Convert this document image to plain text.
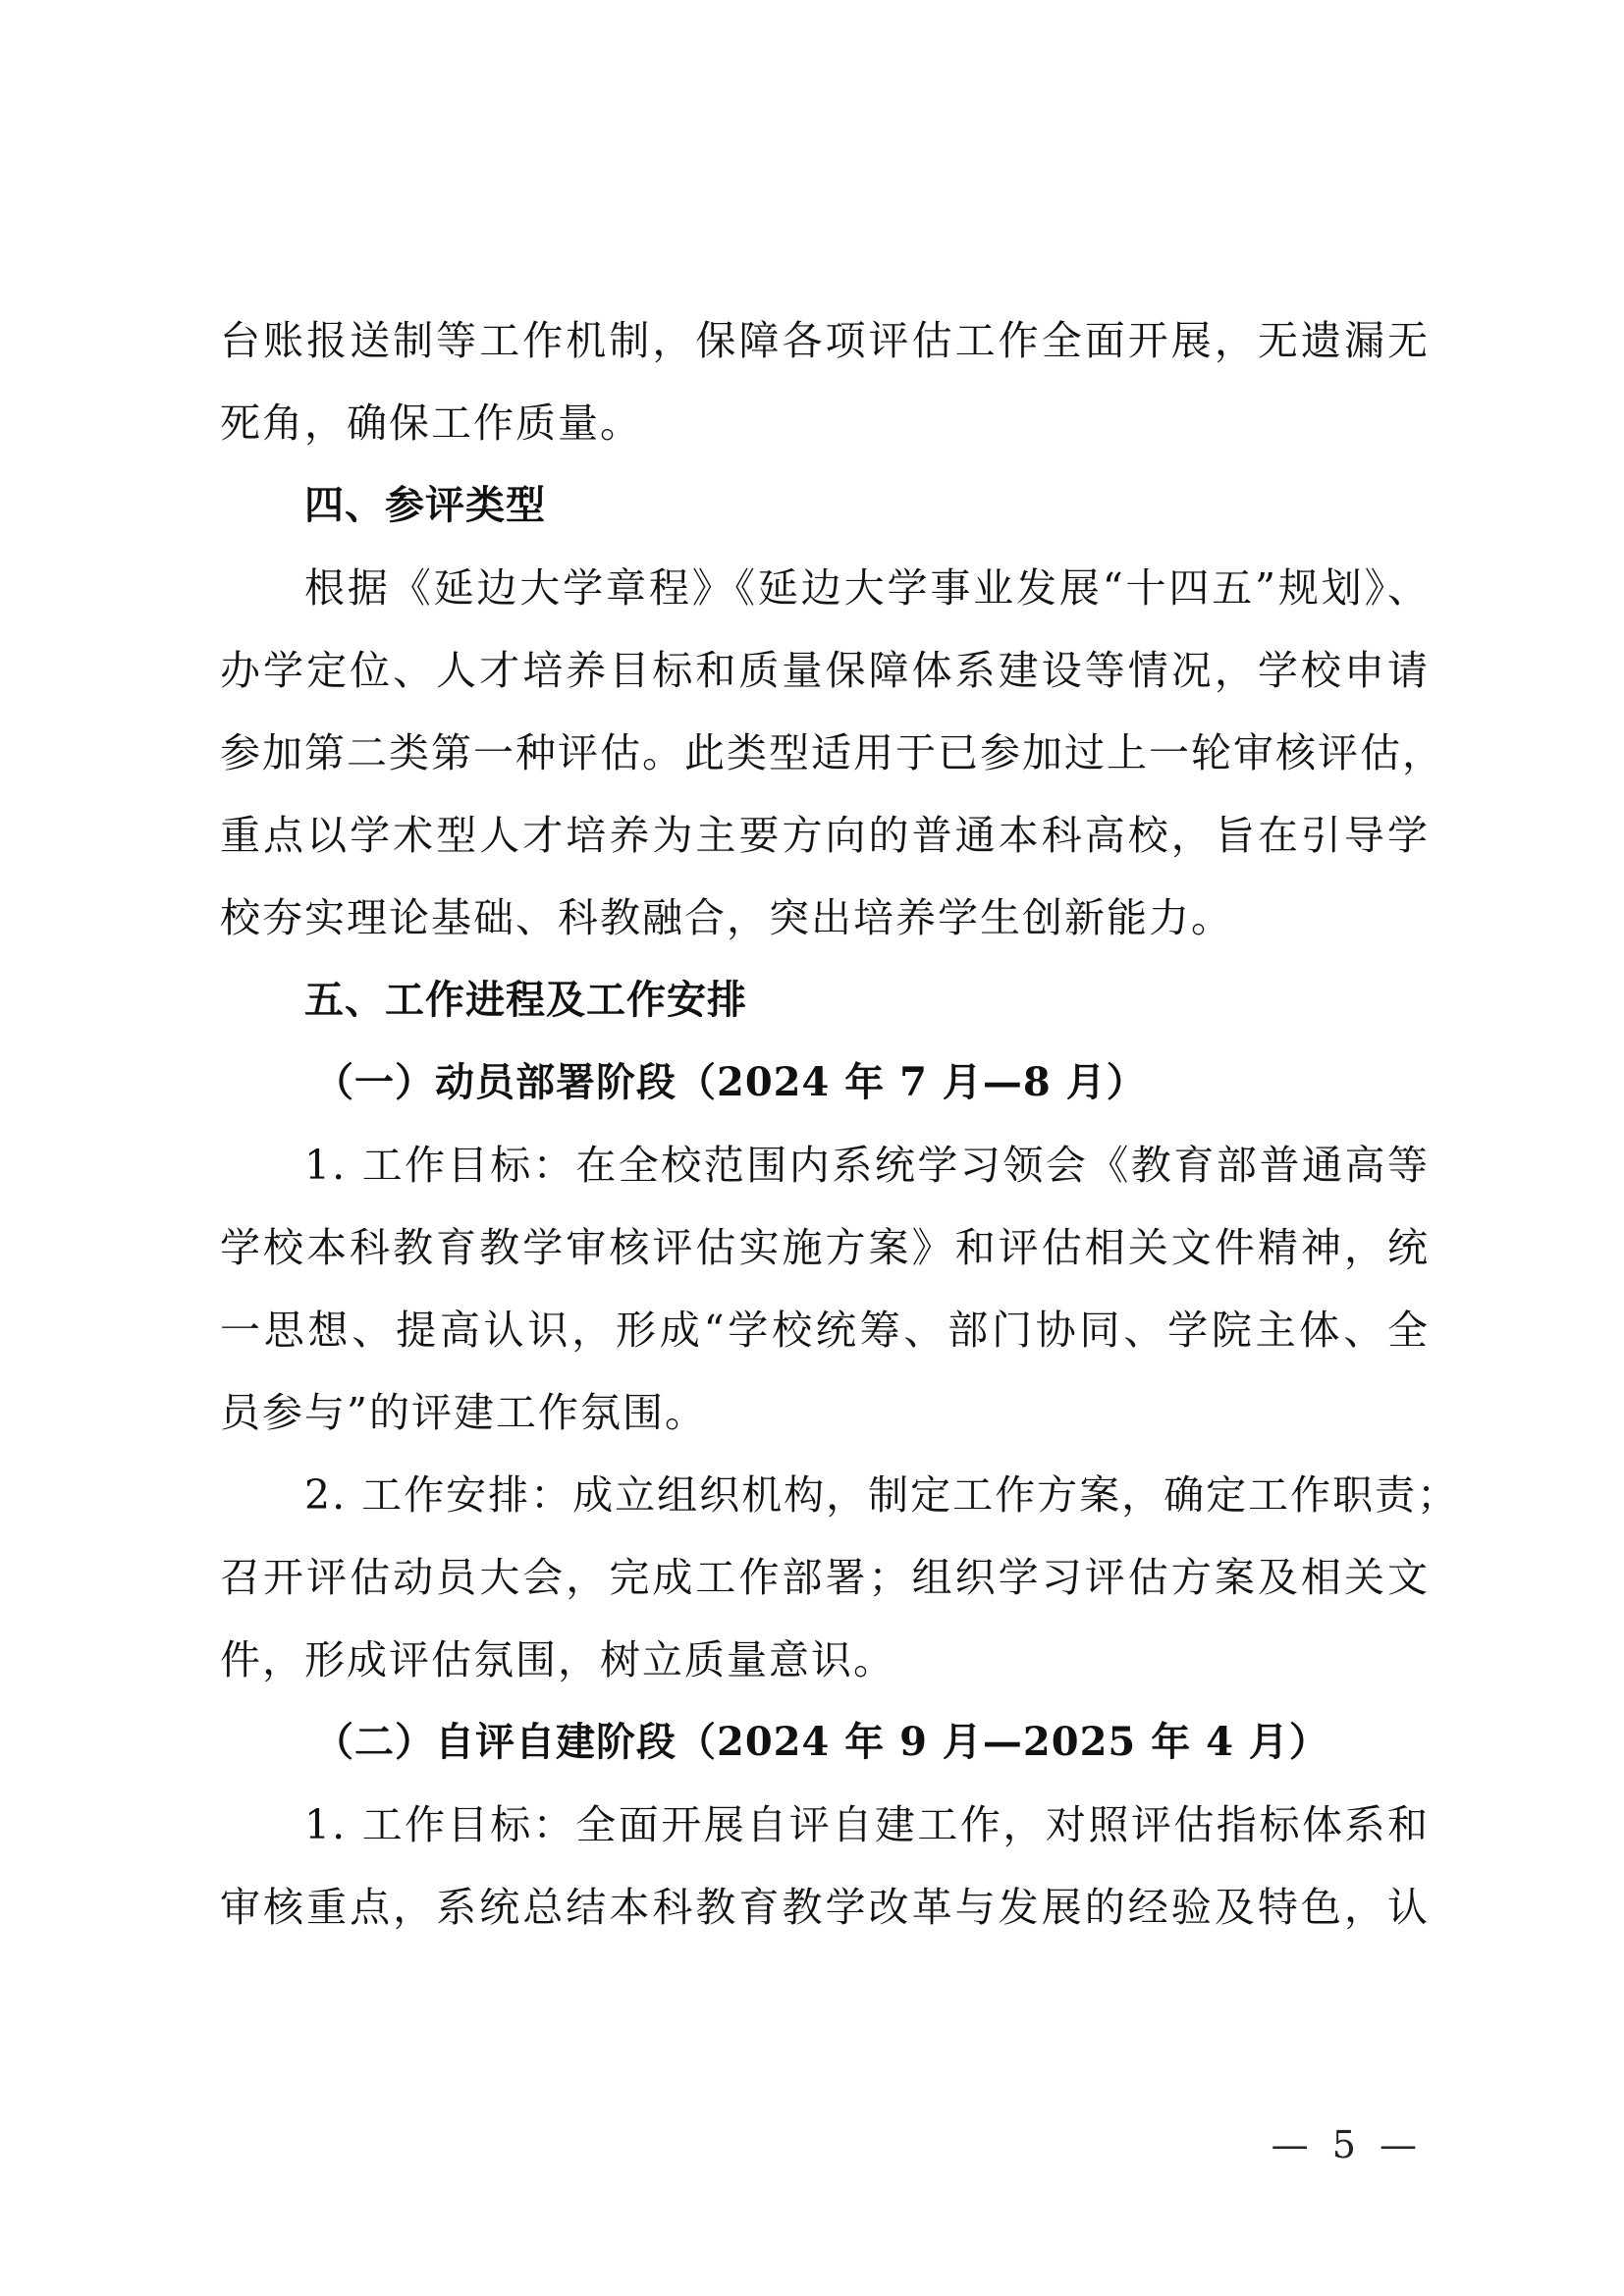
台账报送制等工作机制，保障各项评估工作全面开展，无遗漏无
死角，确保工作质量。
四、参评类型
根据《延边大学章程》《延边大学事业发展“十四五”规划》、
办学定位、人才培养目标和质量保障体系建设等情况，学校申请
参加第二类第一种评估。此类型适用于已参加过上一轮审核评估，
重点以学术型人才培养为主要方向的普通本科高校，旨在引导学
校夯实理论基础、科教融合，突出培养学生创新能力。
五、工作进程及工作安排
（一）动员部署阶段（2024 年 7 月—8 月）
1. 工作目标：在全校范围内系统学习领会《教育部普通高等
学校本科教育教学审核评估实施方案》和评估相关文件精神，统
一思想、提高认识，形成“学校统筹、部门协同、学院主体、全
员参与”的评建工作氛围。
2. 工作安排：成立组织机构，制定工作方案，确定工作职责；
召开评估动员大会，完成工作部署；组织学习评估方案及相关文
件，形成评估氛围，树立质量意识。
（二）自评自建阶段（2024 年 9 月—2025 年 4 月）
1. 工作目标：全面开展自评自建工作，对照评估指标体系和
审核重点，系统总结本科教育教学改革与发展的经验及特色，认
— 5 —
